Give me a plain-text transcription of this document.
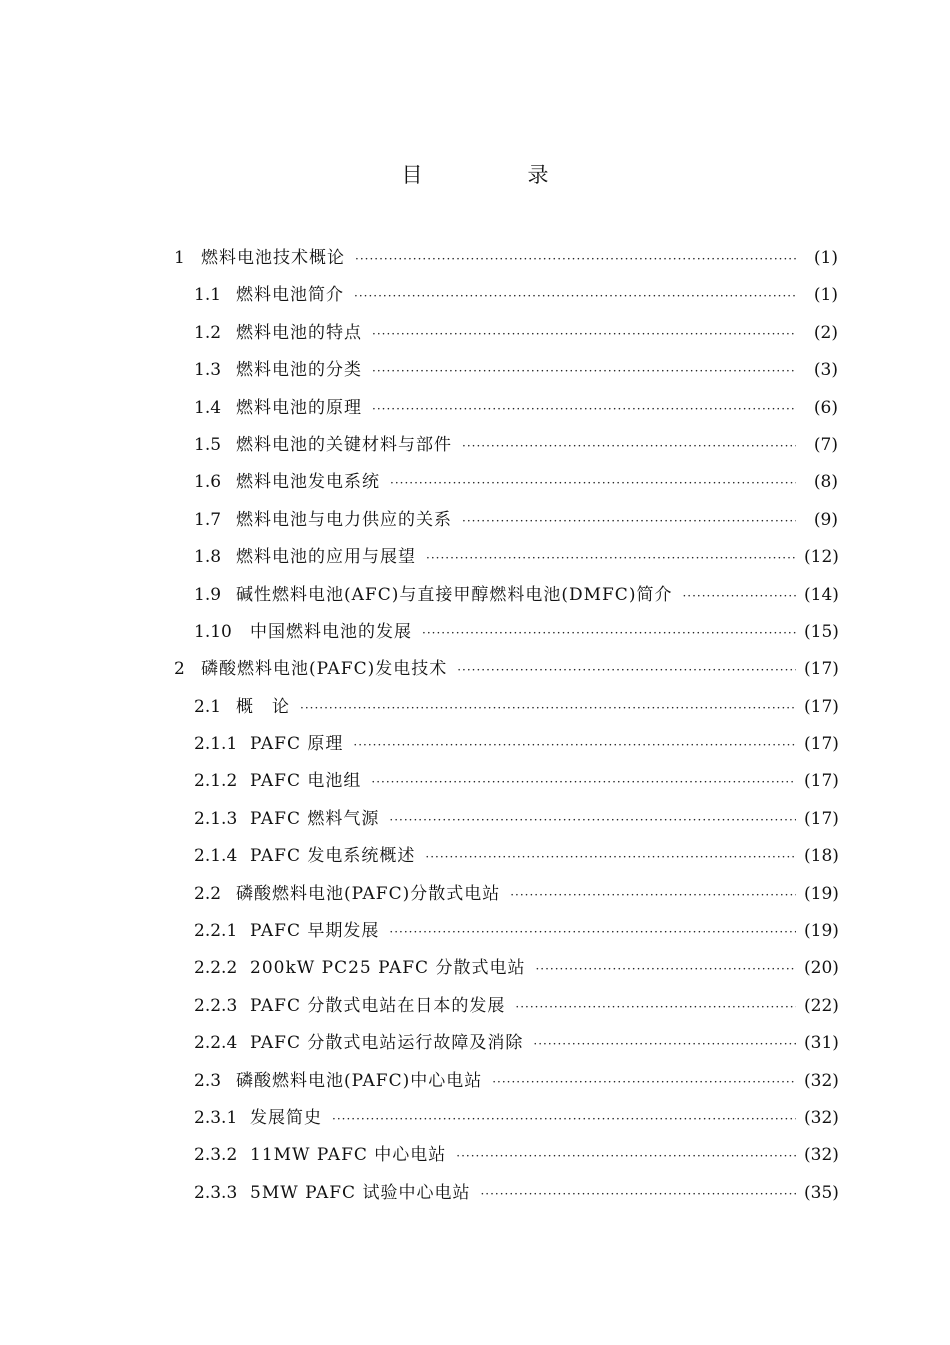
目　录
1 燃料电池技术概论 ·····	(1)
1.1 燃料电池简介 ·····	(1)
1.2 燃料电池的特点 ·····	(2)
1.3 燃料电池的分类 ·····	(3)
1.4 燃料电池的原理 ·····	(6)
1.5 燃料电池的关键材料与部件 ·····	(7)
1.6 燃料电池发电系统 ·····	(8)
1.7 燃料电池与电力供应的关系 ·····	(9)
1.8 燃料电池的应用与展望 ·····	(12)
1.9 碱性燃料电池(AFC)与直接甲醇燃料电池(DMFC)简介 ·····	(14)
1.10	中国燃料电池的发展 ·····	(15)
2 磷酸燃料电池(PAFC)发电技术 ·····	(17)
2.1 概　论 ·····	(17)
2.1.1 PAFC 原理 ·····	(17)
2.1.2 PAFC 电池组 ·····	(17)
2.1.3 PAFC 燃料气源 ·····	(17)
2.1.4 PAFC 发电系统概述 ·····	(18)
2.2 磷酸燃料电池(PAFC)分散式电站 ·····	(19)
2.2.1 PAFC 早期发展 ·····	(19)
2.2.2 200kW PC25 PAFC 分散式电站 ·····	(20)
2.2.3 PAFC 分散式电站在日本的发展 ·····	(22)
2.2.4 PAFC 分散式电站运行故障及消除 ·····	(31)
2.3 磷酸燃料电池(PAFC)中心电站 ·····	(32)
2.3.1 发展简史 ·····	(32)
2.3.2 11MW PAFC 中心电站 ·····	(32)
2.3.3 5MW PAFC 试验中心电站 ·····	(35)
